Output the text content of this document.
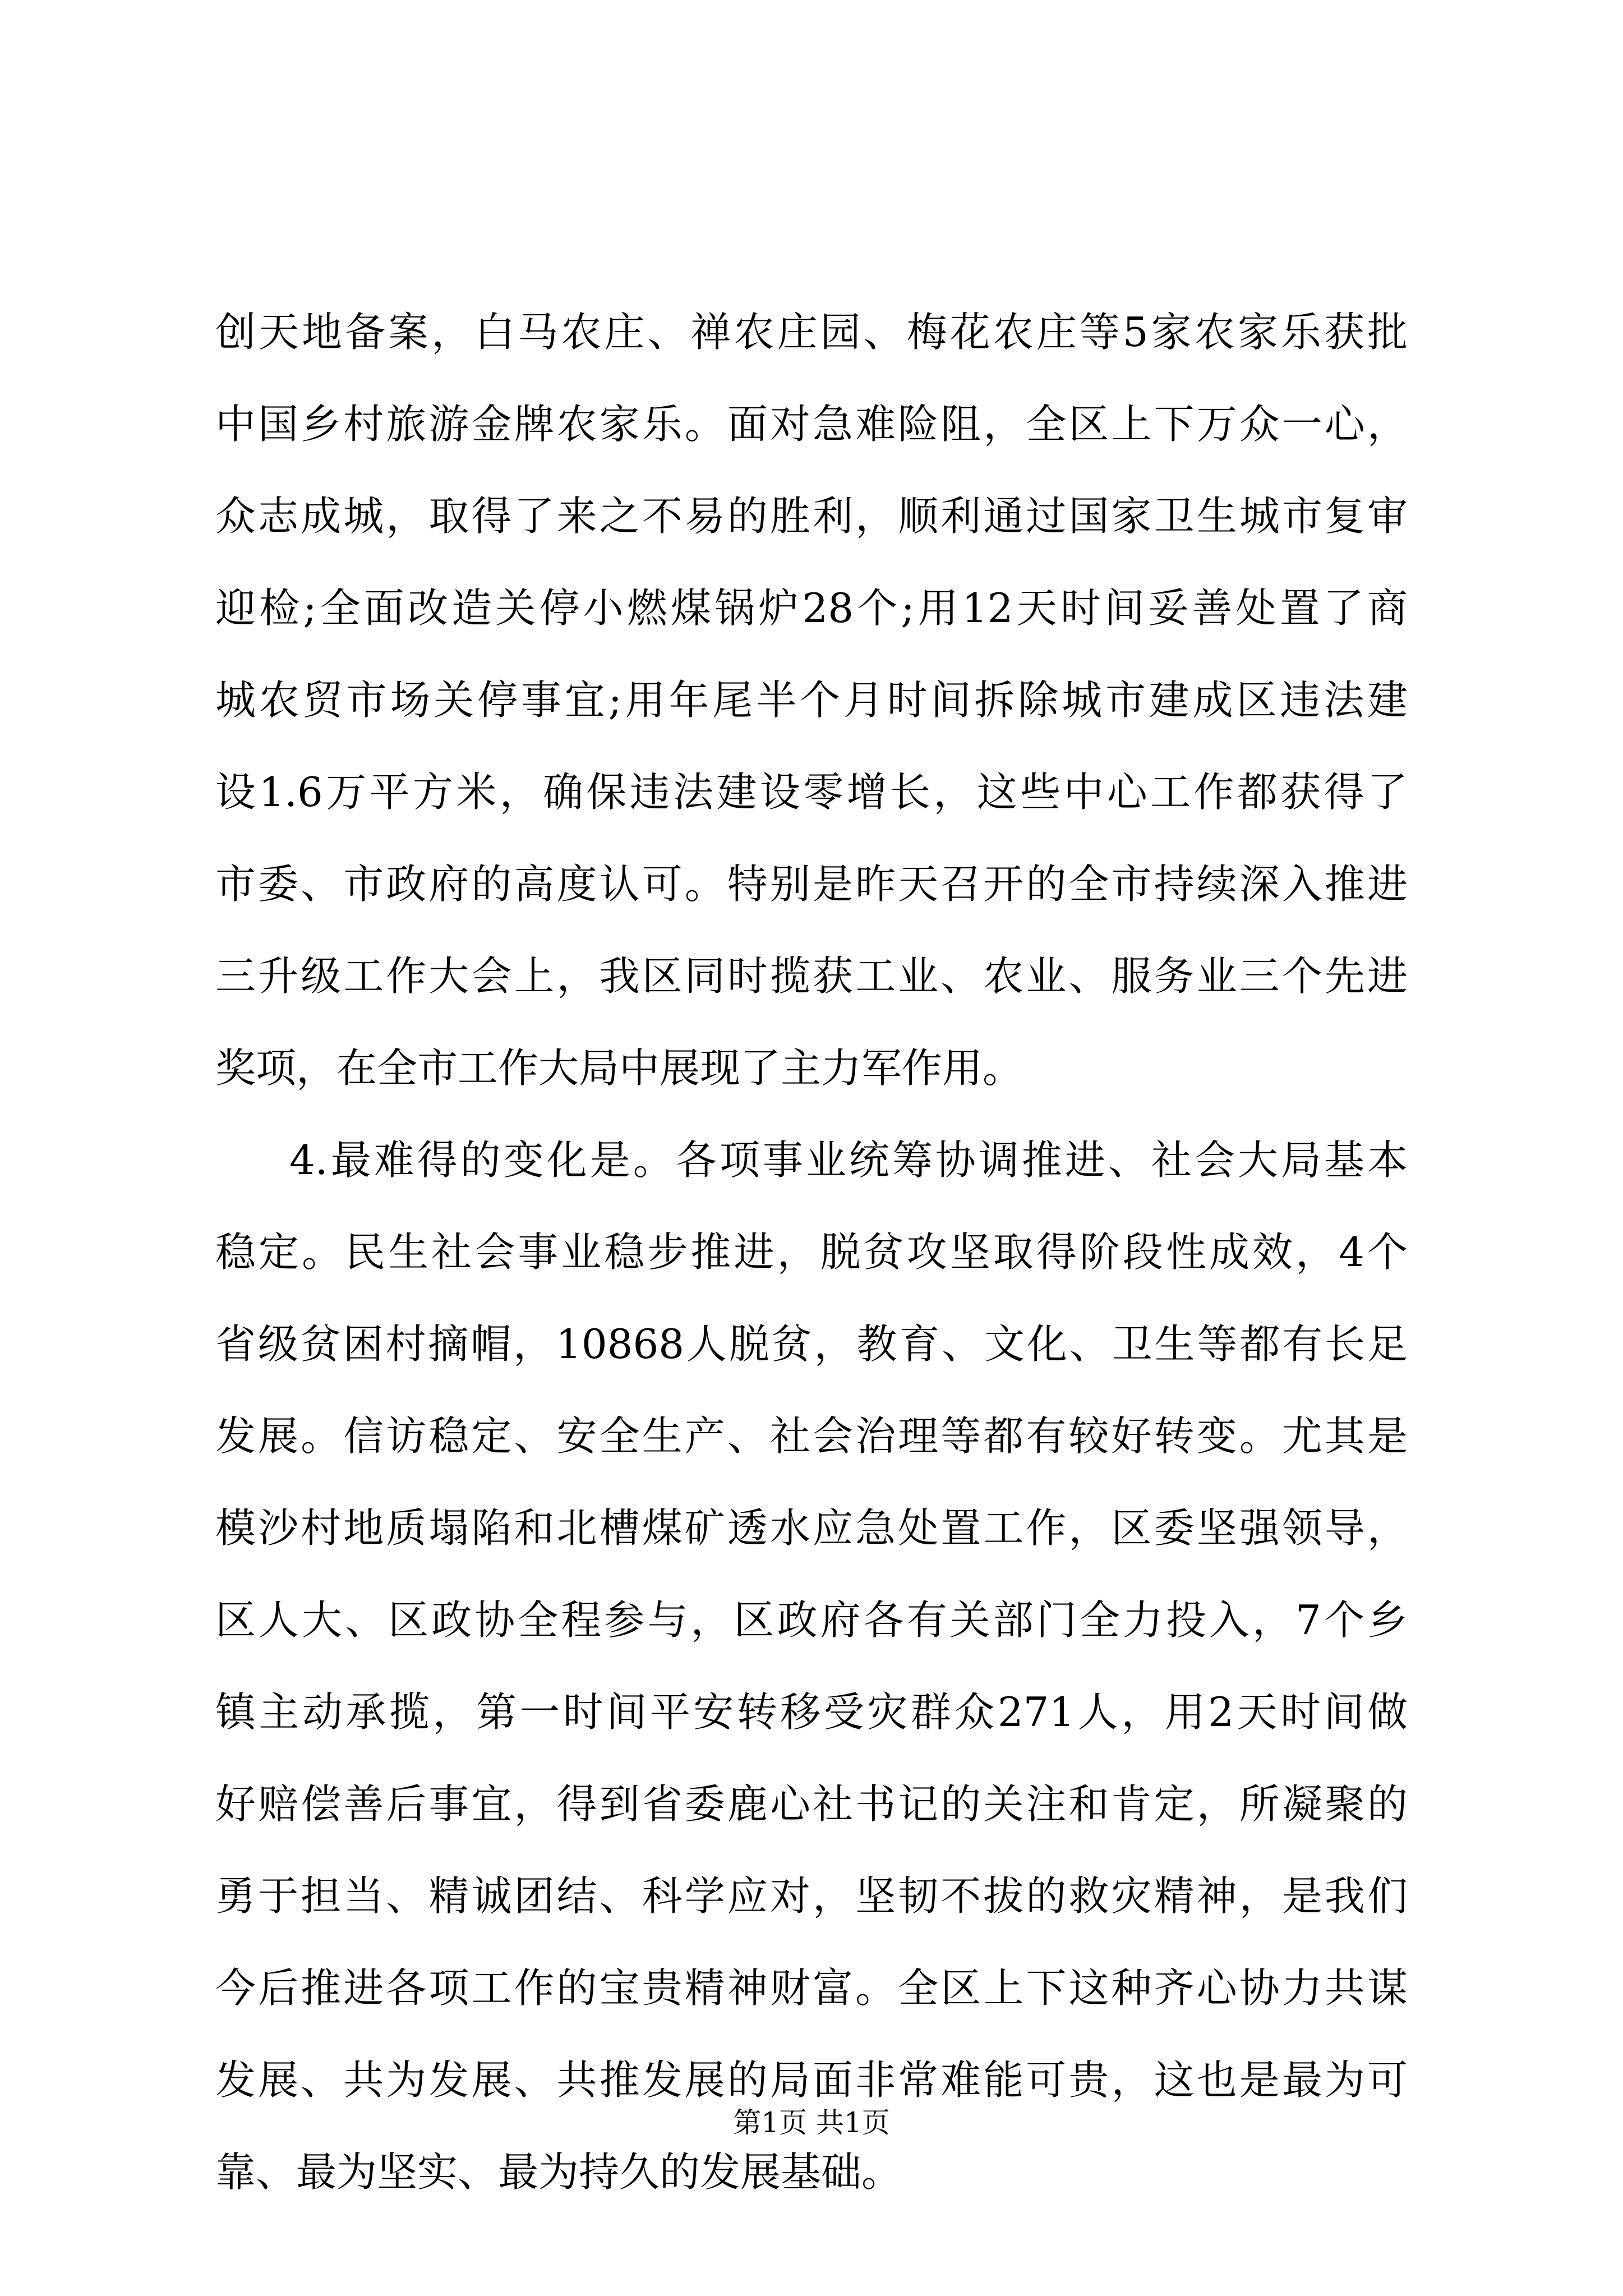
创天地备案，白马农庄、禅农庄园、梅花农庄等5家农家乐获批
中国乡村旅游金牌农家乐。面对急难险阻，全区上下万众一心，
众志成城，取得了来之不易的胜利，顺利通过国家卫生城市复审
迎检;全面改造关停小燃煤锅炉28个;用12天时间妥善处置了商
城农贸市场关停事宜;用年尾半个月时间拆除城市建成区违法建
设1.6万平方米，确保违法建设零增长，这些中心工作都获得了
市委、市政府的高度认可。特别是昨天召开的全市持续深入推进
三升级工作大会上，我区同时揽获工业、农业、服务业三个先进
奖项，在全市工作大局中展现了主力军作用。
4.最难得的变化是。各项事业统筹协调推进、社会大局基本
稳定。民生社会事业稳步推进，脱贫攻坚取得阶段性成效，4个
省级贫困村摘帽，10868人脱贫，教育、文化、卫生等都有长足
发展。信访稳定、安全生产、社会治理等都有较好转变。尤其是
模沙村地质塌陷和北槽煤矿透水应急处置工作，区委坚强领导，
区人大、区政协全程参与，区政府各有关部门全力投入，7个乡
镇主动承揽，第一时间平安转移受灾群众271人，用2天时间做
好赔偿善后事宜，得到省委鹿心社书记的关注和肯定，所凝聚的
勇于担当、精诚团结、科学应对，坚韧不拔的救灾精神，是我们
今后推进各项工作的宝贵精神财富。全区上下这种齐心协力共谋
发展、共为发展、共推发展的局面非常难能可贵，这也是最为可
靠、最为坚实、最为持久的发展基础。
第1页 共1页
